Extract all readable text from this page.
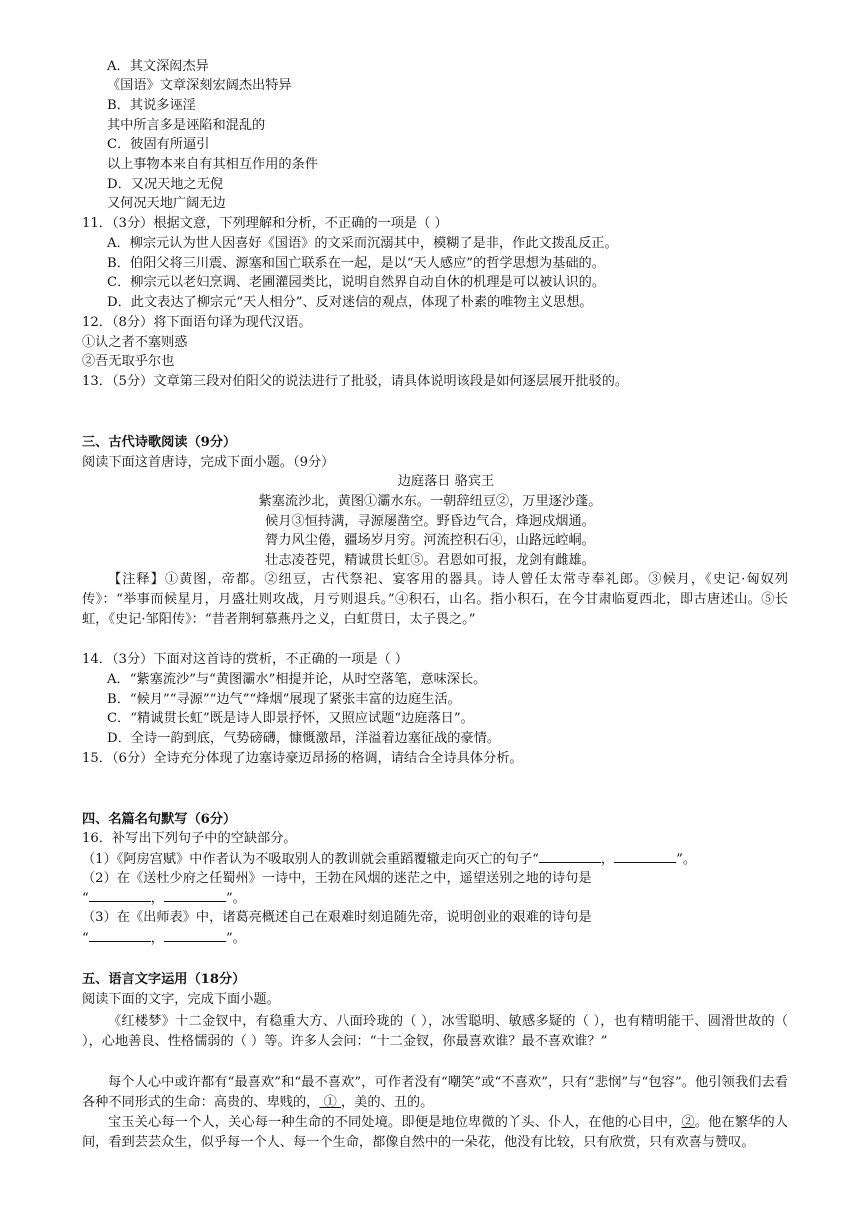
A．其文深闳杰异
《国语》文章深刻宏阔杰出特异
B．其说多诬淫
其中所言多是诬陷和混乱的
C．彼固有所逼引
以上事物本来自有其相互作用的条件
D．又况天地之无倪
又何况天地广阔无边
11．（3分）根据文意，下列理解和分析，不正确的一项是（ ）
A．柳宗元认为世人因喜好《国语》的文采而沉溺其中，模糊了是非，作此文拨乱反正。
B．伯阳父将三川震、源塞和国亡联系在一起，是以“天人感应”的哲学思想为基础的。
C．柳宗元以老妇烹调、老圃灌园类比，说明自然界自动自休的机理是可以被认识的。
D．此文表达了柳宗元“天人相分”、反对迷信的观点，体现了朴素的唯物主义思想。
12．（8分）将下面语句译为现代汉语。
①认之者不塞则惑
②吾无取乎尔也
13．（5分）文章第三段对伯阳父的说法进行了批驳，请具体说明该段是如何逐层展开批驳的。
三、古代诗歌阅读（9分）
阅读下面这首唐诗，完成下面小题。（9分）
边庭落日 骆宾王
紫塞流沙北，黄图①灞水东。一朝辞纽豆②，万里逐沙蓬。
候月③恒持满，寻源屡凿空。野昏边气合，烽迥戍烟通。
膂力风尘倦，疆场岁月穷。河流控积石④，山路远崆峒。
壮志凌苍兕，精诚贯长虹⑤。君恩如可报，龙剑有雌雄。
【注释】①黄图，帝都。②纽豆，古代祭祀、宴客用的器具。诗人曾任太常寺奉礼郎。③候月，《史记·匈奴列传》：“举事而候星月，月盛壮则攻战，月亏则退兵。”④积石，山名。指小积石，在今甘肃临夏西北，即古唐述山。⑤长虹，《史记·邹阳传》：“昔者荆轲慕燕丹之义，白虹贯日，太子畏之。”
14．（3分）下面对这首诗的赏析，不正确的一项是（ ）
A．“紫塞流沙”与“黄图灞水”相提并论，从时空落笔，意味深长。
B．“候月”“寻源”“边气”“烽烟”展现了紧张丰富的边庭生活。
C．“精诚贯长虹”既是诗人即景抒怀，又照应试题“边庭落日”。
D．全诗一韵到底，气势磅礴，慷慨激昂，洋溢着边塞征战的豪情。
15．（6分）全诗充分体现了边塞诗豪迈昂扬的格调，请结合全诗具体分析。
四、名篇名句默写（6分）
16．补写出下列句子中的空缺部分。
（1）《阿房宫赋》中作者认为不吸取别人的教训就会重蹈覆辙走向灭亡的句子“	，	”。
（2）在《送杜少府之任蜀州》一诗中，王勃在风烟的迷茫之中，遥望送别之地的诗句是
“	，	”。
（3）在《出师表》中，诸葛亮概述自己在艰难时刻追随先帝，说明创业的艰难的诗句是
“	，	”。
五、语言文字运用（18分）
阅读下面的文字，完成下面小题。
《红楼梦》十二金钗中，有稳重大方、八面玲珑的（ ），冰雪聪明、敏感多疑的（ ），也有精明能干、圆滑世故的（ ），心地善良、性格懦弱的（ ）等。许多人会问：“十二金钗，你最喜欢谁？最不喜欢谁？”
每个人心中或许都有“最喜欢”和“最不喜欢”，可作者没有“嘲笑”或“不喜欢”，只有“悲悯”与“包容”。他引领我们去看各种不同形式的生命：高贵的、卑贱的， ① ，美的、丑的。
宝玉关心每一个人，关心每一种生命的不同处境。即便是地位卑微的丫头、仆人，在他的心目中，②。他在繁华的人间，看到芸芸众生，似乎每一个人、每一个生命，都像自然中的一朵花，他没有比较，只有欣赏，只有欢喜与赞叹。
